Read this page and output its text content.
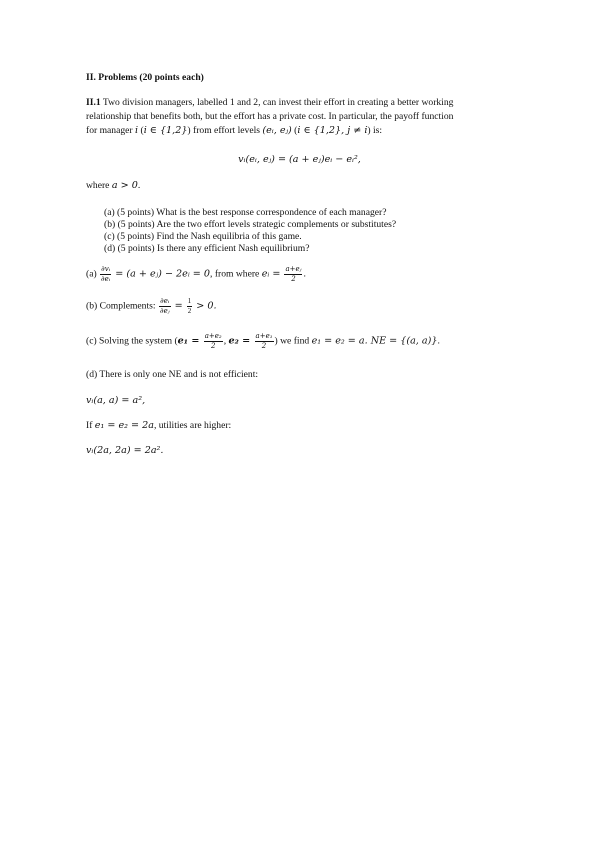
II. Problems (20 points each)
II.1 Two division managers, labelled 1 and 2, can invest their effort in creating a better working
relationship that benefits both, but the effort has a private cost. In particular, the payoff function
for manager i (i ∈ {1,2}) from effort levels (eᵢ, eⱼ) (i ∈ {1,2}, j ≠ i) is:
vᵢ(eᵢ, eⱼ) = (a + eⱼ)eᵢ − eᵢ²,
where a > 0.
(a) (5 points) What is the best response correspondence of each manager?
(b) (5 points) Are the two effort levels strategic complements or substitutes?
(c) (5 points) Find the Nash equilibria of this game.
(d) (5 points) Is there any efficient Nash equilibrium?
$(a) \frac{\text{∂vᵢ}}{\text{∂eᵢ}} = (a$ + eⱼ) − 2eᵢ = 0, from where eᵢ = $\frac{\text{a+eⱼ}}{2}$ .
(b) Complements: $\frac{\text{∂eᵢ}}{\text{∂eⱼ}} = \frac{1}{2} > 0$.
(c) Solving the system ($e_1 = \frac{\text{a+e₂}}{2}$ , $e_2 = \frac{\text{a+e₁}}{2}$ ) we find e₁ = e₂ = a. NE = {(a, a)}.
(d) There is only one NE and is not efficient:
vᵢ(a, a) = a²,
If e₁ = e₂ = 2a, utilities are higher:
vᵢ(2a, 2a) = 2a².
